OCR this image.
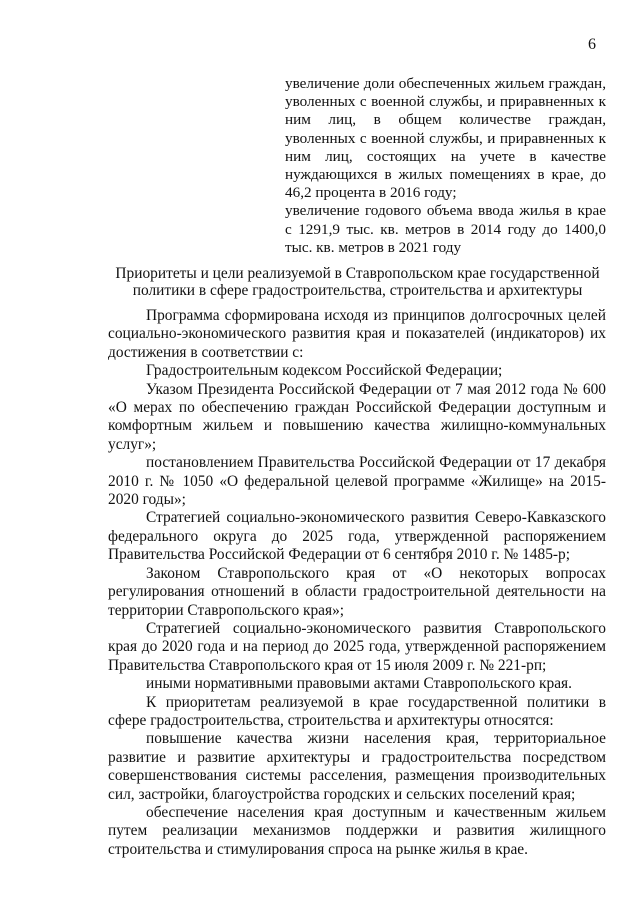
6

увеличение доли обеспеченных жильем граждан, уволенных с военной службы, и приравненных к ним лиц, в общем количестве граждан, уволенных с военной службы, и приравненных к ним лиц, состоящих на учете в качестве нуждающихся в жилых помещениях в крае, до 46,2 процента в 2016 году;

увеличение годового объема ввода жилья в крае с 1291,9 тыс. кв. метров в 2014 году до 1400,0 тыс. кв. метров в 2021 году

Приоритеты и цели реализуемой в Ставропольском крае государственной
политики в сфере градостроительства, строительства и архитектуры

Программа сформирована исходя из принципов долгосрочных целей социально-экономического развития края и показателей (индикаторов) их достижения в соответствии с:

Градостроительным кодексом Российской Федерации;

Указом Президента Российской Федерации от 7 мая 2012 года № 600 «О мерах по обеспечению граждан Российской Федерации доступным и комфортным жильем и повышению качества жилищно-коммунальных услуг»;

постановлением Правительства Российской Федерации от 17 декабря 2010 г. № 1050 «О федеральной целевой программе «Жилище» на 2015-2020 годы»;

Стратегией социально-экономического развития Северо-Кавказского федерального округа до 2025 года, утвержденной распоряжением Правительства Российской Федерации от 6 сентября 2010 г. № 1485-р;

Законом Ставропольского края от «О некоторых вопросах регулирования отношений в области градостроительной деятельности на территории Ставропольского края»;

Стратегией социально-экономического развития Ставропольского края до 2020 года и на период до 2025 года, утвержденной распоряжением Правительства Ставропольского края от 15 июля 2009 г. № 221-рп;

иными нормативными правовыми актами Ставропольского края.

К приоритетам реализуемой в крае государственной политики в сфере градостроительства, строительства и архитектуры относятся:

повышение качества жизни населения края, территориальное развитие и развитие архитектуры и градостроительства посредством совершенствования системы расселения, размещения производительных сил, застройки, благоустройства городских и сельских поселений края;

обеспечение населения края доступным и качественным жильем путем реализации механизмов поддержки и развития жилищного строительства и стимулирования спроса на рынке жилья в крае.
